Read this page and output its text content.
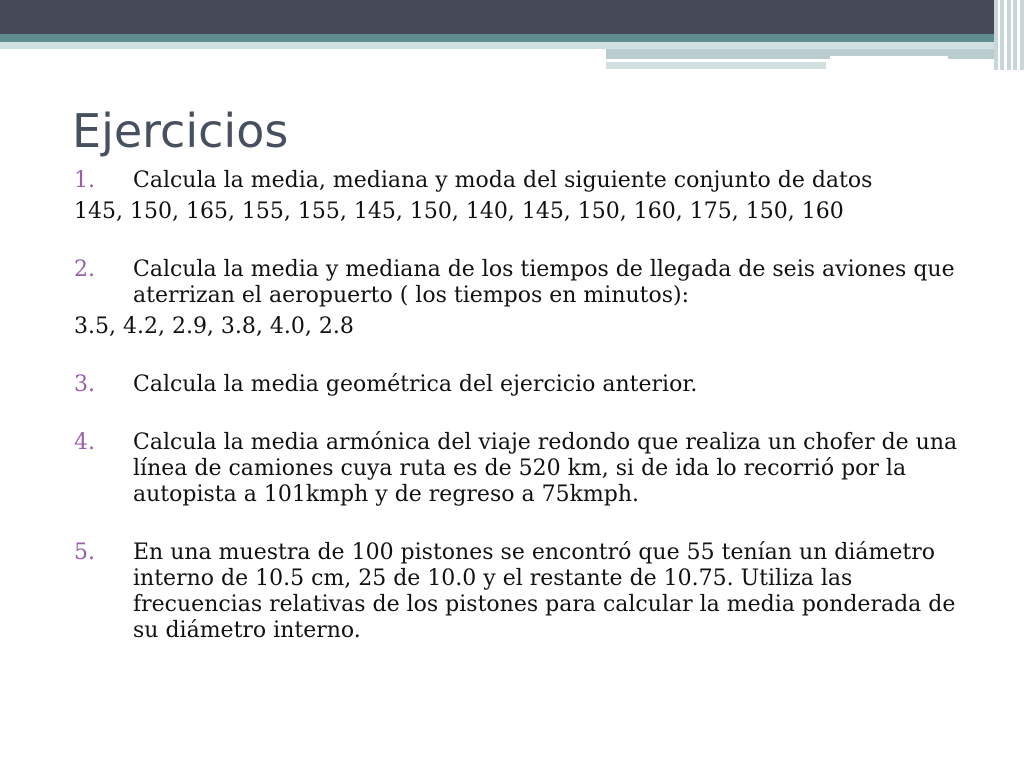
Ejercicios
1.	Calcula la media, mediana y moda del siguiente conjunto de datos

145, 150, 165, 155, 155, 145, 150, 140, 145, 150, 160, 175, 150, 160

2.	Calcula la media y mediana de los tiempos de llegada de seis aviones que aterrizan el aeropuerto ( los tiempos en minutos):

3.5, 4.2, 2.9, 3.8, 4.0, 2.8

3.	Calcula la media geométrica del ejercicio anterior.
4.	Calcula la media armónica del viaje redondo que realiza un chofer de una línea de camiones cuya ruta es de 520 km, si de ida lo recorrió por la autopista a 101kmph y de regreso a 75kmph.
5.	En una muestra de 100 pistones se encontró que 55 tenían un diámetro interno de 10.5 cm, 25 de 10.0 y el restante de 10.75. Utiliza las frecuencias relativas de los pistones para calcular la media ponderada de su diámetro interno.
